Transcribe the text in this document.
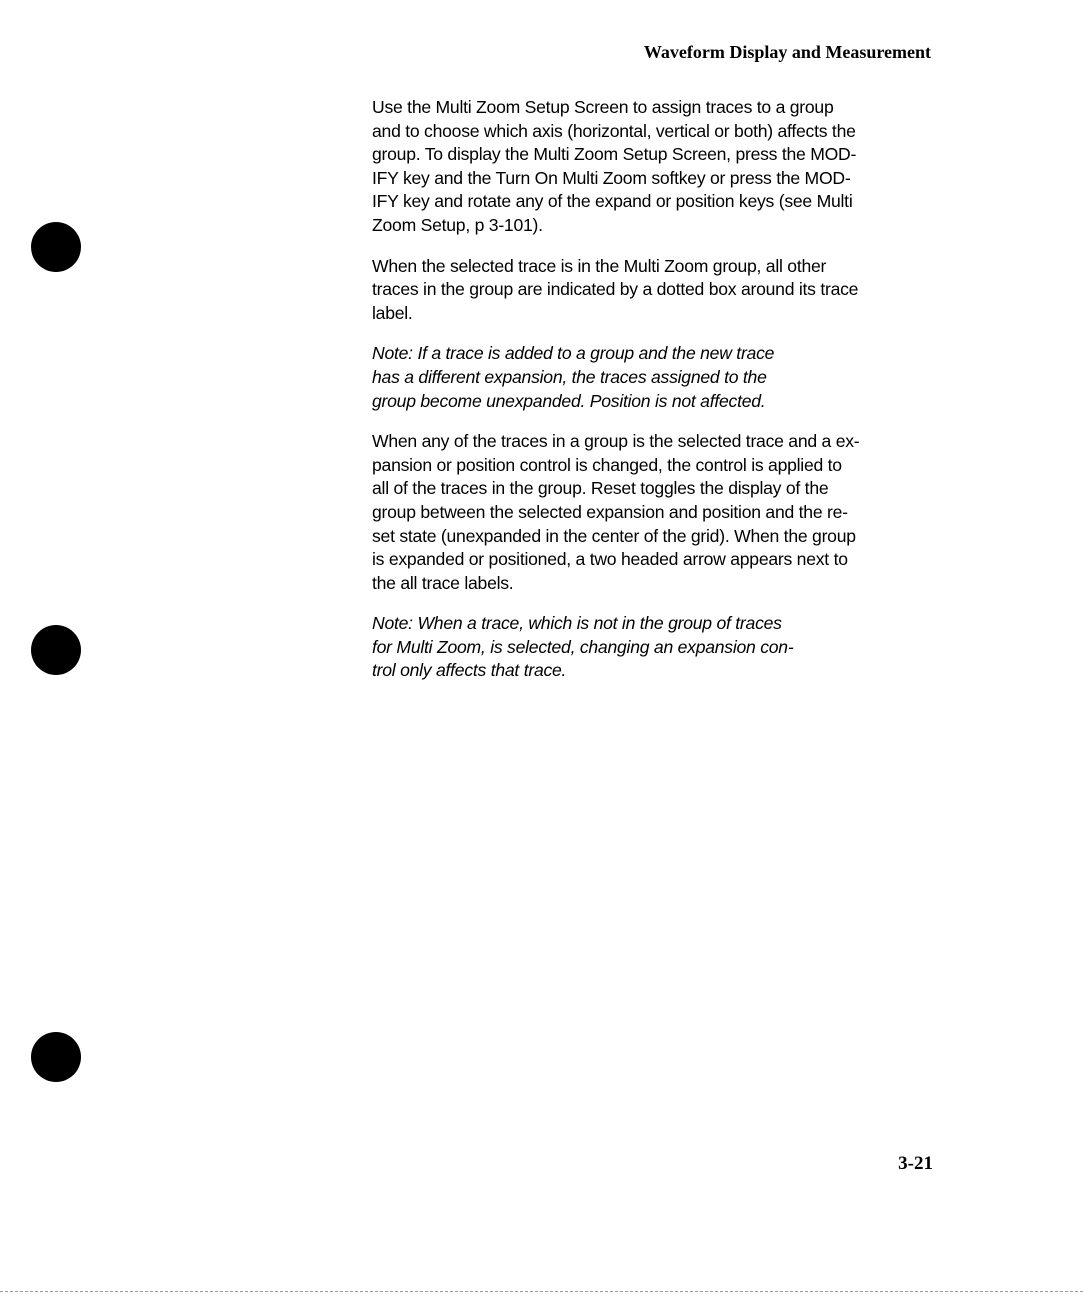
Waveform Display and Measurement

Use the Multi Zoom Setup Screen to assign traces to a group
and to choose which axis (horizontal, vertical or both) affects the
group. To display the Multi Zoom Setup Screen, press the MOD-
IFY key and the Turn On Multi Zoom softkey or press the MOD-
IFY key and rotate any of the expand or position keys (see Multi
Zoom Setup, p 3-101).

When the selected trace is in the Multi Zoom group, all other
traces in the group are indicated by a dotted box around its trace
label.

Note: If a trace is added to a group and the new trace
has a different expansion, the traces assigned to the
group become unexpanded. Position is not affected.

When any of the traces in a group is the selected trace and a ex-
pansion or position control is changed, the control is applied to
all of the traces in the group. Reset toggles the display of the
group between the selected expansion and position and the re-
set state (unexpanded in the center of the grid). When the group
is expanded or positioned, a two headed arrow appears next to
the all trace labels.

Note: When a trace, which is not in the group of traces
for Multi Zoom, is selected, changing an expansion con-
trol only affects that trace.

3-21
